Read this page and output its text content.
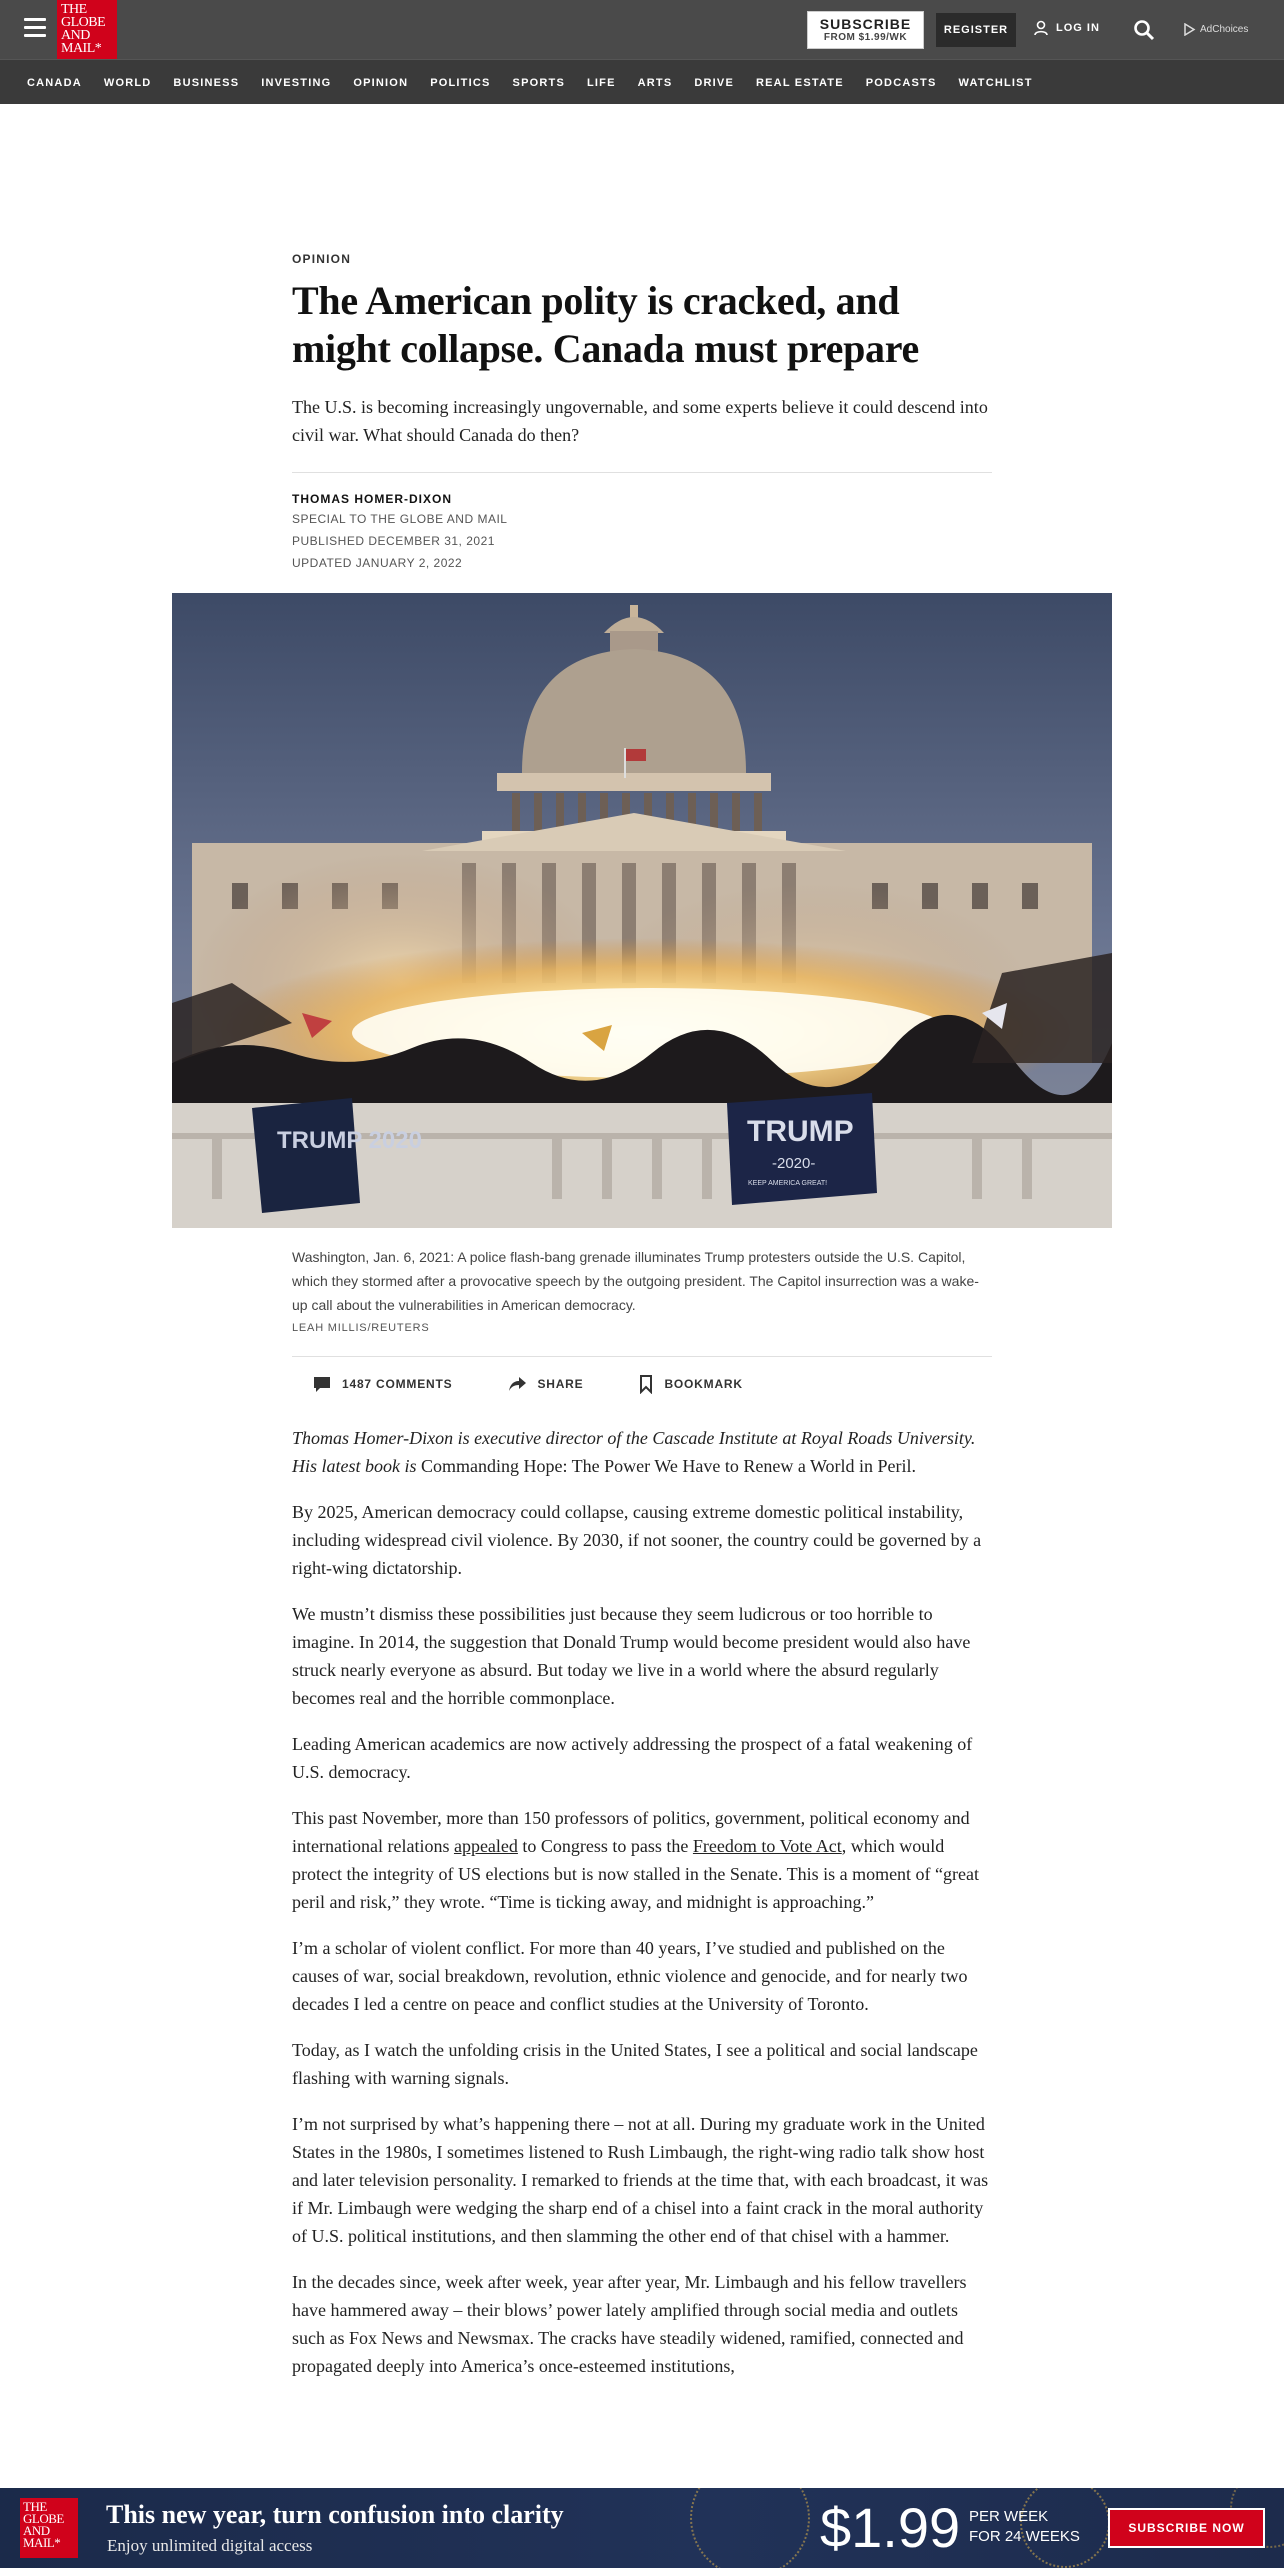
THE GLOBE AND MAIL*
SUBSCRIBE
FROM $1.99/WK
REGISTER	LOG IN	AdChoices
CANADA WORLD BUSINESS INVESTING OPINION POLITICS SPORTS LIFE ARTS DRIVE REAL ESTATE PODCASTS WATCHLIST
OPINION
The American polity is cracked, and might collapse. Canada must prepare

The U.S. is becoming increasingly ungovernable, and some experts believe it could descend into civil war. What should Canada do then?

THOMAS HOMER-DIXON
SPECIAL TO THE GLOBE AND MAIL
PUBLISHED DECEMBER 31, 2021
UPDATED JANUARY 2, 2022
TRUMP 2020	TRUMP
-2020-
KEEP AMERICA GREAT!

Washington, Jan. 6, 2021: A police flash-bang grenade illuminates Trump protesters outside the U.S. Capitol, which they stormed after a provocative speech by the outgoing president. The Capitol insurrection was a wake-up call about the vulnerabilities in American democracy.

LEAH MILLIS/REUTERS
1487 COMMENTS	SHARE	BOOKMARK

Thomas Homer-Dixon is executive director of the Cascade Institute at Royal Roads University. His latest book is Commanding Hope: The Power We Have to Renew a World in Peril.

By 2025, American democracy could collapse, causing extreme domestic political instability, including widespread civil violence. By 2030, if not sooner, the country could be governed by a right-wing dictatorship.

We mustn’t dismiss these possibilities just because they seem ludicrous or too horrible to imagine. In 2014, the suggestion that Donald Trump would become president would also have struck nearly everyone as absurd. But today we live in a world where the absurd regularly becomes real and the horrible commonplace.

Leading American academics are now actively addressing the prospect of a fatal weakening of U.S. democracy.

This past November, more than 150 professors of politics, government, political economy and international relations appealed to Congress to pass the Freedom to Vote Act, which would protect the integrity of US elections but is now stalled in the Senate. This is a moment of “great peril and risk,” they wrote. “Time is ticking away, and midnight is approaching.”

I’m a scholar of violent conflict. For more than 40 years, I’ve studied and published on the causes of war, social breakdown, revolution, ethnic violence and genocide, and for nearly two decades I led a centre on peace and conflict studies at the University of Toronto.

Today, as I watch the unfolding crisis in the United States, I see a political and social landscape flashing with warning signals.

I’m not surprised by what’s happening there – not at all. During my graduate work in the United States in the 1980s, I sometimes listened to Rush Limbaugh, the right-wing radio talk show host and later television personality. I remarked to friends at the time that, with each broadcast, it was if Mr. Limbaugh were wedging the sharp end of a chisel into a faint crack in the moral authority of U.S. political institutions, and then slamming the other end of that chisel with a hammer.

In the decades since, week after week, year after year, Mr. Limbaugh and his fellow travellers have hammered away – their blows’ power lately amplified through social media and outlets such as Fox News and Newsmax. The cracks have steadily widened, ramified, connected and propagated deeply into America’s once-esteemed institutions,

THE GLOBE AND MAIL*
This new year, turn confusion into clarity
Enjoy unlimited digital access	$1.99 PER WEEK
FOR 24 WEEKS	SUBSCRIBE NOW
